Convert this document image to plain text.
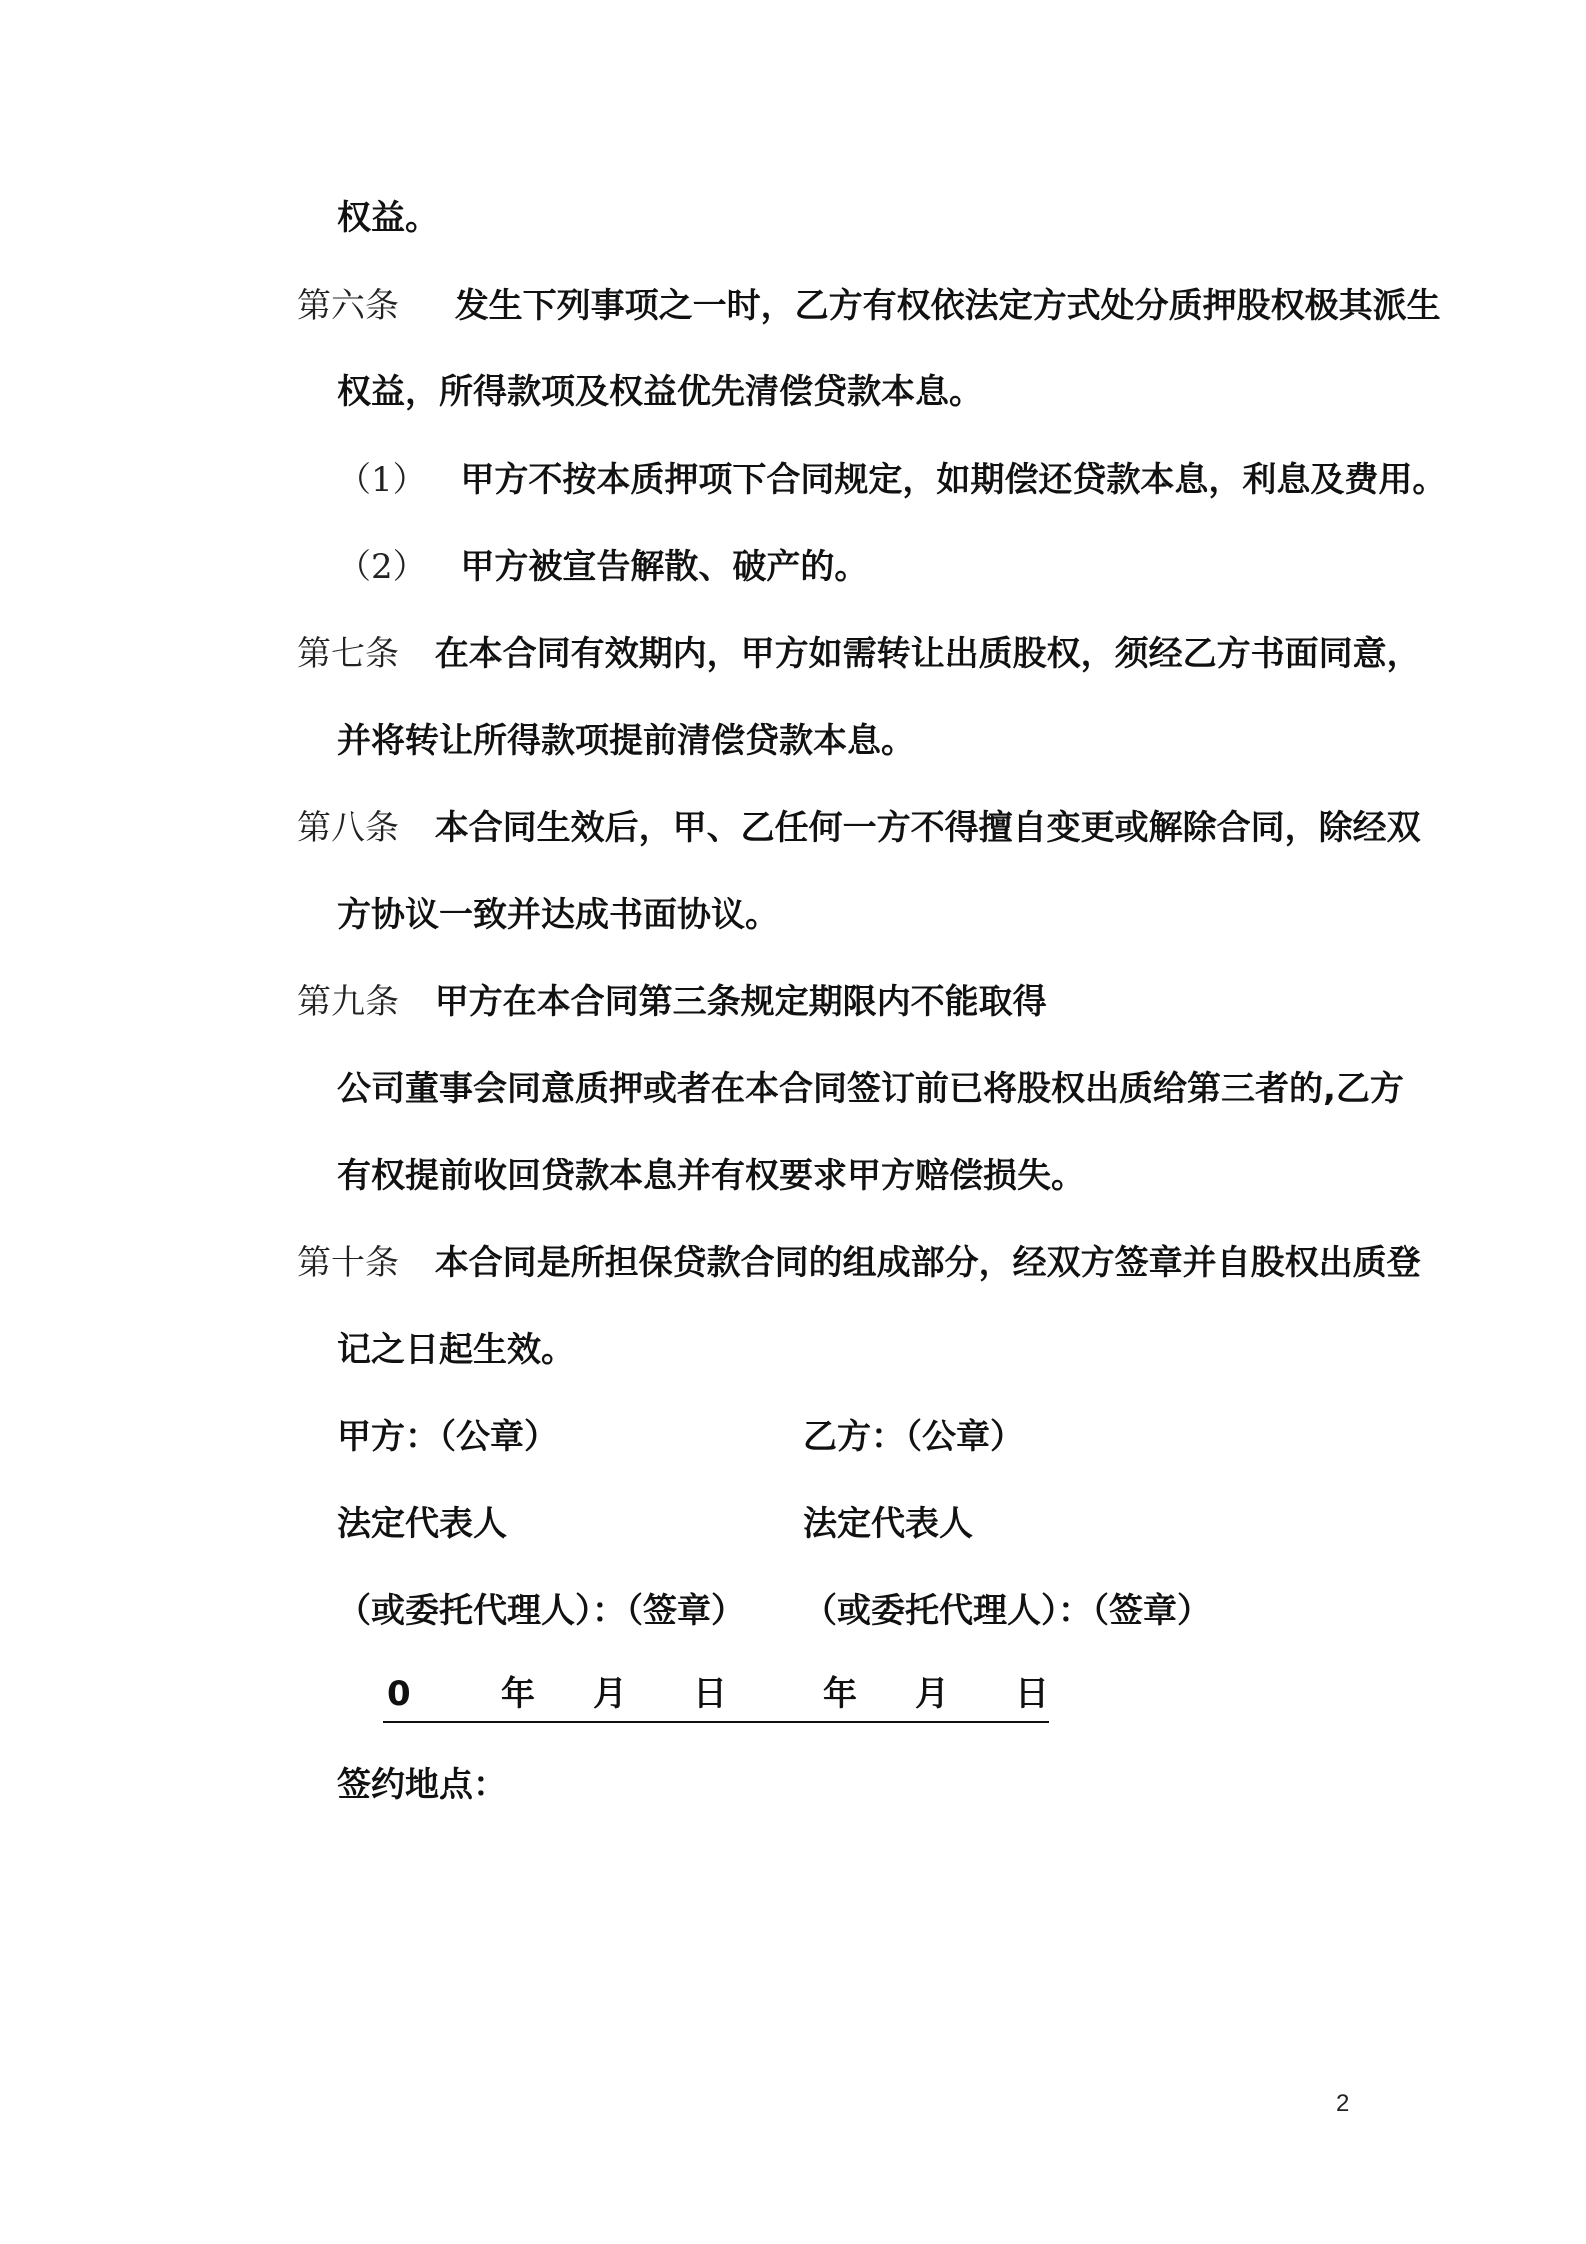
权益。
第六条 发生下列事项之一时，乙方有权依法定方式处分质押股权极其派生
权益，所得款项及权益优先清偿贷款本息。
（1） 甲方不按本质押项下合同规定，如期偿还贷款本息，利息及费用。
（2） 甲方被宣告解散、破产的。
第七条 在本合同有效期内，甲方如需转让出质股权，须经乙方书面同意，
并将转让所得款项提前清偿贷款本息。
第八条 本合同生效后，甲、乙任何一方不得擅自变更或解除合同，除经双
方协议一致并达成书面协议。
第九条 甲方在本合同第三条规定期限内不能取得
公司董事会同意质押或者在本合同签订前已将股权出质给第三者的,乙方
有权提前收回贷款本息并有权要求甲方赔偿损失。
第十条 本合同是所担保贷款合同的组成部分，经双方签章并自股权出质登
记之日起生效。
甲方：（公章）	乙方：（公章）
法定代表人	法定代表人
（或委托代理人）：（签章） （或委托代理人）：（签章）
0	年 月 日	年 月 日
签约地点：
2
